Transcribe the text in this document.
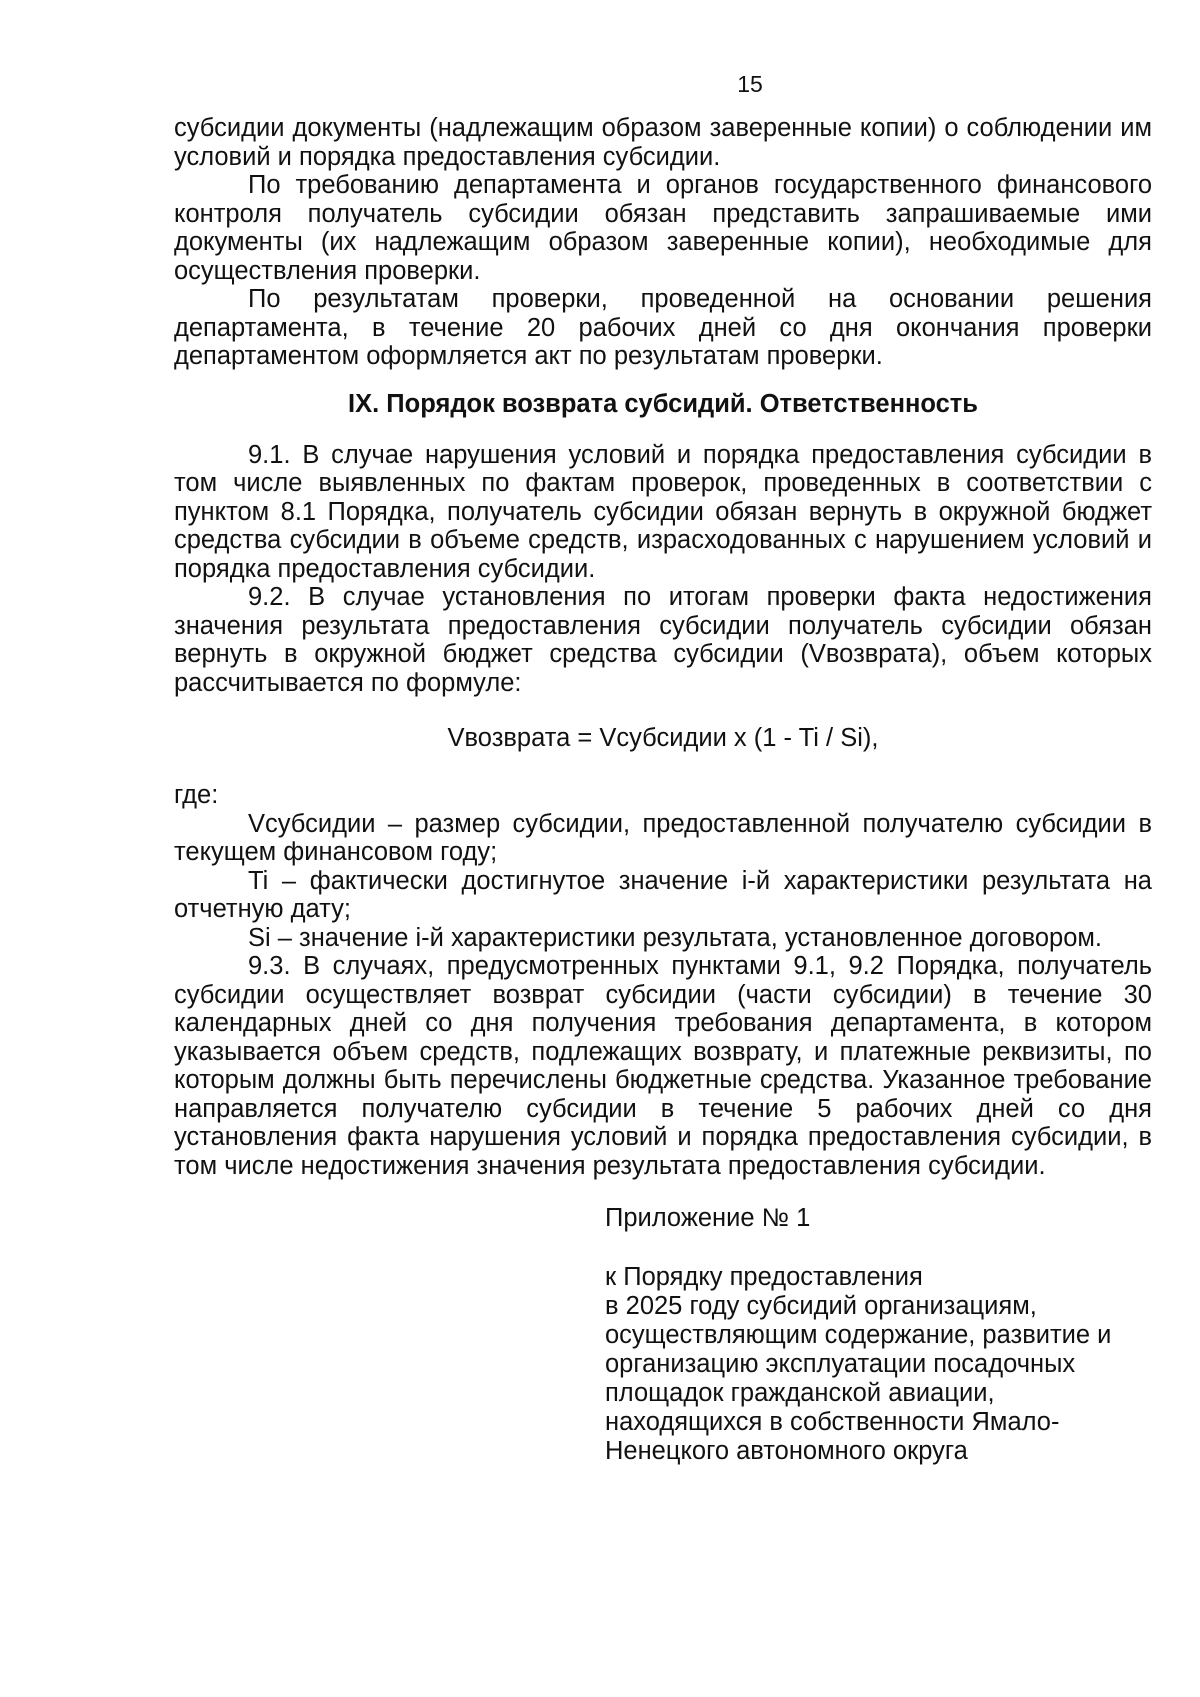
15

субсидии документы (надлежащим образом заверенные копии) о соблюдении им условий и порядка предоставления субсидии.

По требованию департамента и органов государственного финансового контроля получатель субсидии обязан представить запрашиваемые ими документы (их надлежащим образом заверенные копии), необходимые для осуществления проверки.

По результатам проверки, проведенной на основании решения департамента, в течение 20 рабочих дней со дня окончания проверки департаментом оформляется акт по результатам проверки.

IX. Порядок возврата субсидий. Ответственность

9.1. В случае нарушения условий и порядка предоставления субсидии в том числе выявленных по фактам проверок, проведенных в соответствии с пунктом 8.1 Порядка, получатель субсидии обязан вернуть в окружной бюджет средства субсидии в объеме средств, израсходованных с нарушением условий и порядка предоставления субсидии.

9.2. В случае установления по итогам проверки факта недостижения значения результата предоставления субсидии получатель субсидии обязан вернуть в окружной бюджет средства субсидии (Vвозврата), объем которых рассчитывается по формуле:

Vвозврата = Vсубсидии x (1 - Ti / Si),

где:

Vсубсидии – размер субсидии, предоставленной получателю субсидии в текущем финансовом году;

Ti – фактически достигнутое значение i-й характеристики результата на отчетную дату;

Si – значение i-й характеристики результата, установленное договором.

9.3. В случаях, предусмотренных пунктами 9.1, 9.2 Порядка, получатель субсидии осуществляет возврат субсидии (части субсидии) в течение 30 календарных дней со дня получения требования департамента, в котором указывается объем средств, подлежащих возврату, и платежные реквизиты, по которым должны быть перечислены бюджетные средства. Указанное требование направляется получателю субсидии в течение 5 рабочих дней со дня установления факта нарушения условий и порядка предоставления субсидии, в том числе недостижения значения результата предоставления субсидии.

Приложение № 1
к Порядку предоставления
в 2025 году субсидий организациям,
осуществляющим содержание, развитие и
организацию эксплуатации посадочных
площадок гражданской авиации,
находящихся в собственности Ямало-
Ненецкого автономного округа
